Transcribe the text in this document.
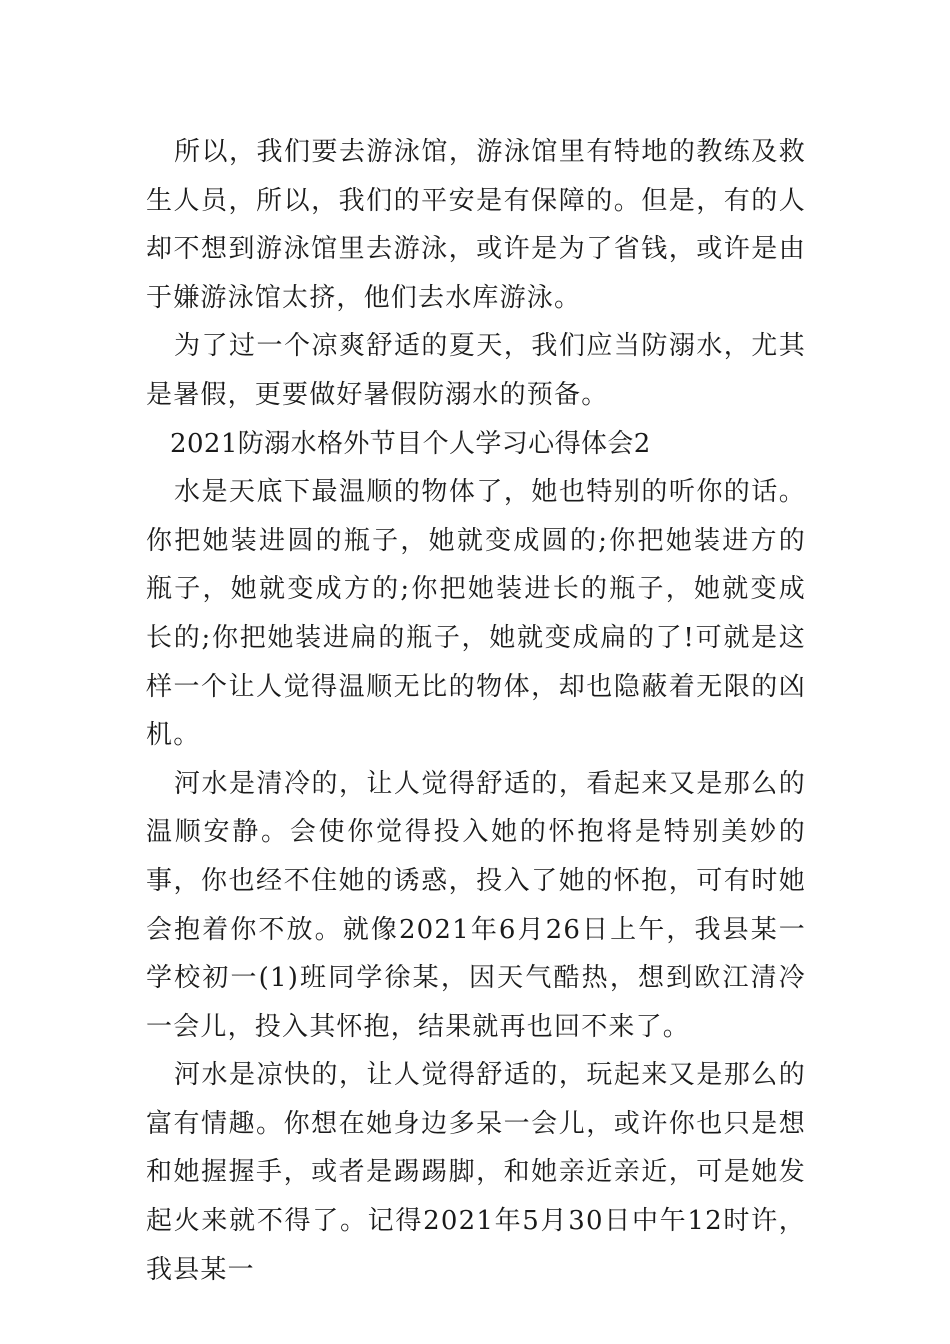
所以，我们要去游泳馆，游泳馆里有特地的教练及救生人员，所以，我们的平安是有保障的。但是，有的人却不想到游泳馆里去游泳，或许是为了省钱，或许是由于嫌游泳馆太挤，他们去水库游泳。

为了过一个凉爽舒适的夏天，我们应当防溺水，尤其是暑假，更要做好暑假防溺水的预备。

2021防溺水格外节目个人学习心得体会2

水是天底下最温顺的物体了，她也特别的听你的话。你把她装进圆的瓶子，她就变成圆的;你把她装进方的瓶子，她就变成方的;你把她装进长的瓶子，她就变成长的;你把她装进扁的瓶子，她就变成扁的了!可就是这样一个让人觉得温顺无比的物体，却也隐蔽着无限的凶机。

河水是清冷的，让人觉得舒适的，看起来又是那么的温顺安静。会使你觉得投入她的怀抱将是特别美妙的事，你也经不住她的诱惑，投入了她的怀抱，可有时她会抱着你不放。就像2021年6月26日上午，我县某一学校初一(1)班同学徐某，因天气酷热，想到欧江清冷一会儿，投入其怀抱，结果就再也回不来了。

河水是凉快的，让人觉得舒适的，玩起来又是那么的富有情趣。你想在她身边多呆一会儿，或许你也只是想和她握握手，或者是踢踢脚，和她亲近亲近，可是她发起火来就不得了。记得2021年5月30日中午12时许，我县某一
